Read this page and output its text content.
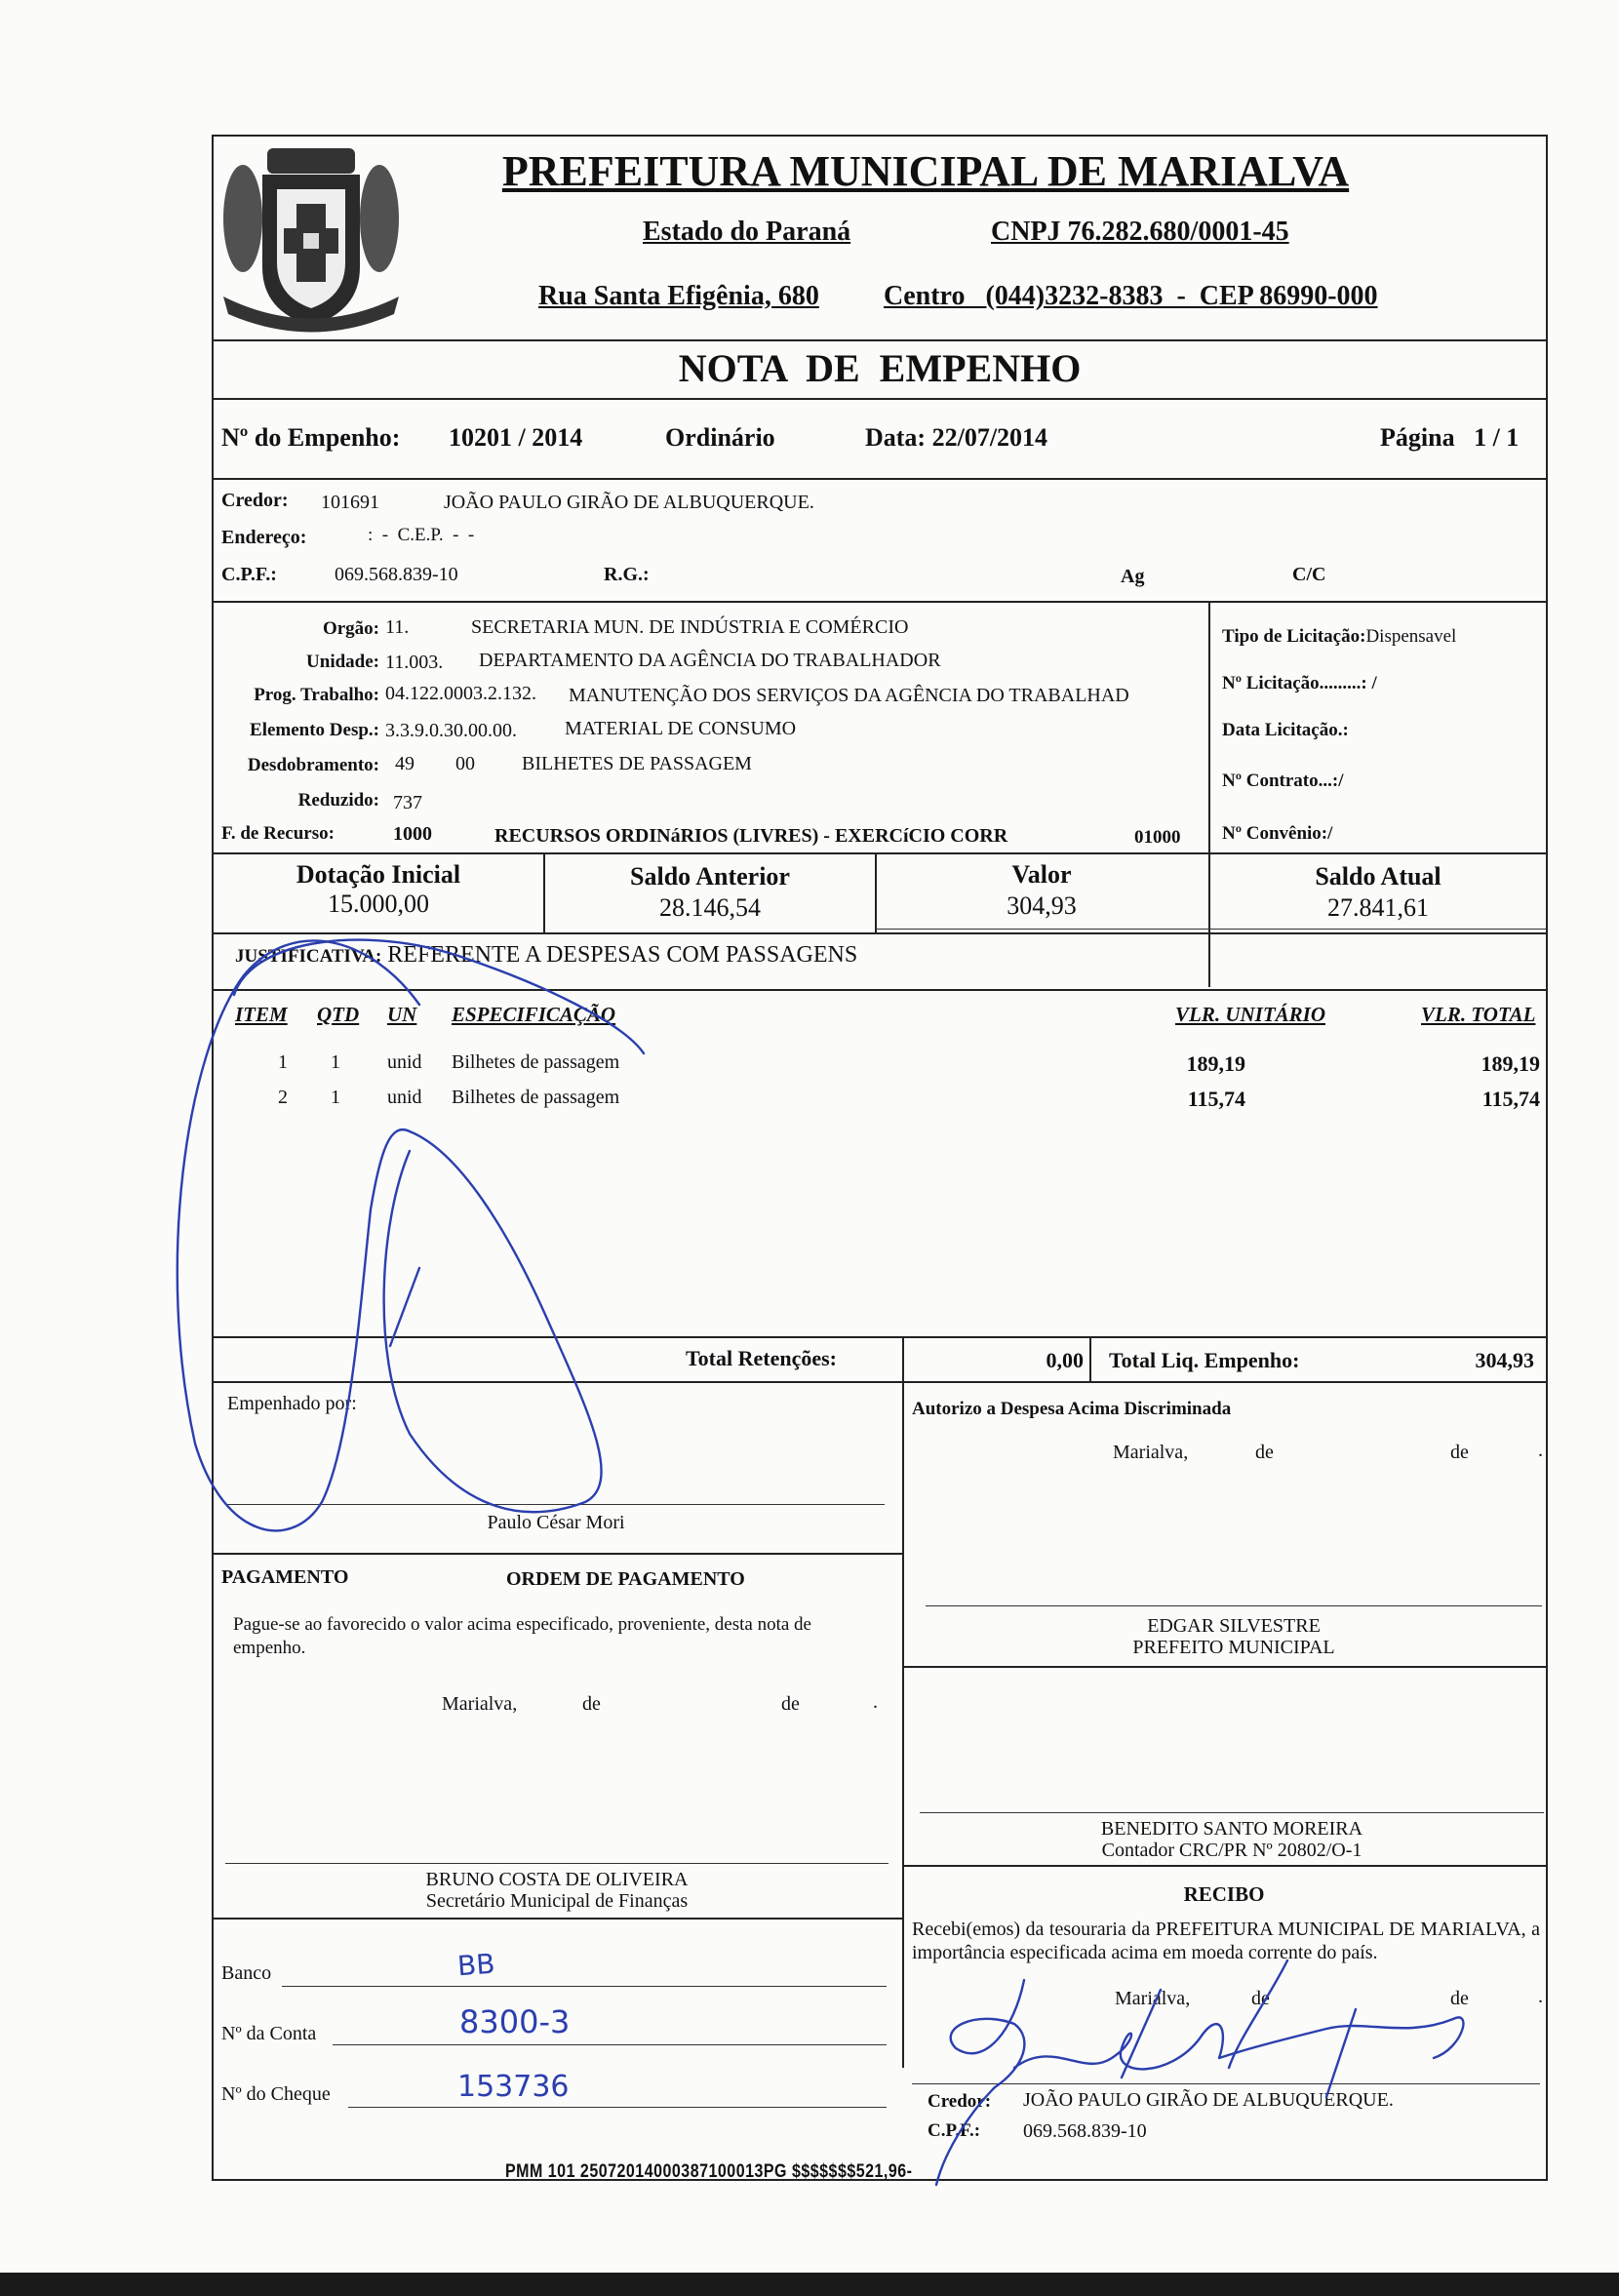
PREFEITURA MUNICIPAL DE MARIALVA
Estado do Paraná	CNPJ 76.282.680/0001-45
Rua Santa Efigênia, 680 Centro   (044)3232-8383  -  CEP 86990-000
NOTA  DE  EMPENHO
Nº do Empenho: 10201 / 2014	Ordinário	Data: 22/07/2014	Página   1 / 1
Credor: 101691	JOÃO PAULO GIRÃO DE ALBUQUERQUE.
Endereço:	:  -  C.E.P.  -  -
C.P.F.:	069.568.839-10	R.G.:	Ag	C/C
Orgão: 11.	SECRETARIA MUN. DE INDÚSTRIA E COMÉRCIO
Unidade: 11.003. DEPARTAMENTO DA AGÊNCIA DO TRABALHADOR
Prog. Trabalho: 04.122.0003.2.132. MANUTENÇÃO DOS SERVIÇOS DA AGÊNCIA DO TRABALHAD
Elemento Desp.: 3.3.9.0.30.00.00. MATERIAL DE CONSUMO
Desdobramento: 49 00 BILHETES DE PASSAGEM
Reduzido: 737
F. de Recurso:	1000	RECURSOS ORDINáRIOS (LIVRES) - EXERCíCIO CORR	01000
Tipo de Licitação:Dispensavel
Nº Licitação.........: /
Data Licitação.:
Nº Contrato...:/
Nº Convênio:/
Dotação Inicial
15.000,00
Saldo Anterior
28.146,54
Valor
304,93
Saldo Atual
27.841,61
JUSTIFICATIVA: REFERENTE A DESPESAS COM PASSAGENS
ITEM QTD UN ESPECIFICAÇÃO	VLR. UNITÁRIO	VLR. TOTAL
1 1 unid Bilhetes de passagem	189,19	189,19
2 1 unid Bilhetes de passagem	115,74	115,74
Total Retenções:	0,00 Total Liq. Empenho:	304,93
Empenhado por:
Paulo César Mori
Autorizo a Despesa Acima Discriminada
Marialva,	de	de	.
EDGAR SILVESTRE
PREFEITO MUNICIPAL
PAGAMENTO	ORDEM DE PAGAMENTO
Pague-se ao favorecido o valor acima especificado, proveniente, desta nota de empenho.
Marialva,	de	de	.
BRUNO COSTA DE OLIVEIRA
Secretário Municipal de Finanças
BENEDITO SANTO MOREIRA
Contador CRC/PR Nº 20802/O-1
Banco	BB
Nº da Conta	8300-3
Nº do Cheque	153736
RECIBO
Recebi(emos) da tesouraria da PREFEITURA MUNICIPAL DE MARIALVA, a importância especificada acima em moeda corrente do país.
Marialva,	de	de	.
Credor: JOÃO PAULO GIRÃO DE ALBUQUERQUE.
C.P.F.: 069.568.839-10
PMM 101 25072014000387100013PG $$$$$$$521,96-
